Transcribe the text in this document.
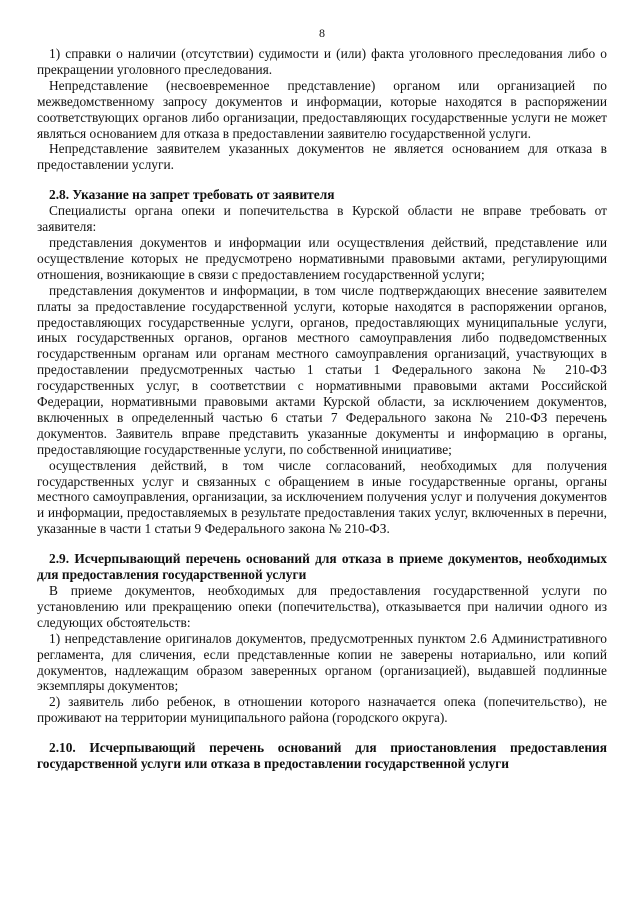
8

1) справки о наличии (отсутствии) судимости и (или) факта уголовного преследования либо о прекращении уголовного преследования.

Непредставление (несвоевременное представление) органом или организацией по межведомственному запросу документов и информации, которые находятся в распоряжении соответствующих органов либо организации, предоставляющих государственные услуги не может являться основанием для отказа в предоставлении заявителю государственной услуги.

Непредставление заявителем указанных документов не является основанием для отказа в предоставлении услуги.

2.8. Указание на запрет требовать от заявителя

Специалисты органа опеки и попечительства в Курской области не вправе требовать от заявителя:

представления документов и информации или осуществления действий, представление или осуществление которых не предусмотрено нормативными правовыми актами, регулирующими отношения, возникающие в связи с предоставлением государственной услуги;

представления документов и информации, в том числе подтверждающих внесение заявителем платы за предоставление государственной услуги, которые находятся в распоряжении органов, предоставляющих государственные услуги, органов, предоставляющих муниципальные услуги, иных государственных органов, органов местного самоуправления либо подведомственных государственным органам или органам местного самоуправления организаций, участвующих в предоставлении предусмотренных частью 1 статьи 1 Федерального закона № 210-ФЗ государственных услуг, в соответствии с нормативными правовыми актами Российской Федерации, нормативными правовыми актами Курской области, за исключением документов, включенных в определенный частью 6 статьи 7 Федерального закона № 210-ФЗ перечень документов. Заявитель вправе представить указанные документы и информацию в органы, предоставляющие государственные услуги, по собственной инициативе;

осуществления действий, в том числе согласований, необходимых для получения государственных услуг и связанных с обращением в иные государственные органы, органы местного самоуправления, организации, за исключением получения услуг и получения документов и информации, предоставляемых в результате предоставления таких услуг, включенных в перечни, указанные в части 1 статьи 9 Федерального закона № 210-ФЗ.

2.9. Исчерпывающий перечень оснований для отказа в приеме документов, необходимых для предоставления государственной услуги

В приеме документов, необходимых для предоставления государственной услуги по установлению или прекращению опеки (попечительства), отказывается при наличии одного из следующих обстоятельств:

1) непредставление оригиналов документов, предусмотренных пунктом 2.6 Административного регламента, для сличения, если представленные копии не заверены нотариально, или копий документов, надлежащим образом заверенных органом (организацией), выдавшей подлинные экземпляры документов;

2) заявитель либо ребенок, в отношении которого назначается опека (попечительство), не проживают на территории муниципального района (городского округа).

2.10. Исчерпывающий перечень оснований для приостановления предоставления государственной услуги или отказа в предоставлении государственной услуги
